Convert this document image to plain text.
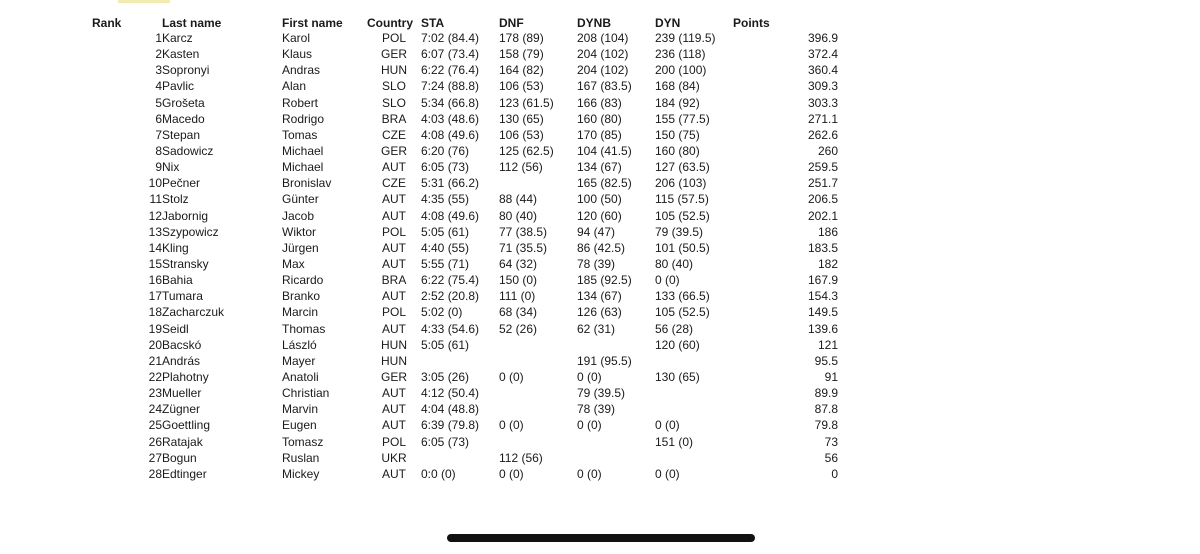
Rank	Last name	First name	Country	STA	DNF	DYNB	DYN	Points
1	Karcz	Karol	POL	7:02 (84.4)	178 (89)	208 (104)	239 (119.5)	396.9
2	Kasten	Klaus	GER	6:07 (73.4)	158 (79)	204 (102)	236 (118)	372.4
3	Sopronyi	Andras	HUN	6:22 (76.4)	164 (82)	204 (102)	200 (100)	360.4
4	Pavlic	Alan	SLO	7:24 (88.8)	106 (53)	167 (83.5)	168 (84)	309.3
5	Grošeta	Robert	SLO	5:34 (66.8)	123 (61.5)	166 (83)	184 (92)	303.3
6	Macedo	Rodrigo	BRA	4:03 (48.6)	130 (65)	160 (80)	155 (77.5)	271.1
7	Stepan	Tomas	CZE	4:08 (49.6)	106 (53)	170 (85)	150 (75)	262.6
8	Sadowicz	Michael	GER	6:20 (76)	125 (62.5)	104 (41.5)	160 (80)	260
9	Nix	Michael	AUT	6:05 (73)	112 (56)	134 (67)	127 (63.5)	259.5
10	Pečner	Bronislav	CZE	5:31 (66.2)		165 (82.5)	206 (103)	251.7
11	Stolz	Günter	AUT	4:35 (55)	88 (44)	100 (50)	115 (57.5)	206.5
12	Jabornig	Jacob	AUT	4:08 (49.6)	80 (40)	120 (60)	105 (52.5)	202.1
13	Szypowicz	Wiktor	POL	5:05 (61)	77 (38.5)	94 (47)	79 (39.5)	186
14	Kling	Jürgen	AUT	4:40 (55)	71 (35.5)	86 (42.5)	101 (50.5)	183.5
15	Stransky	Max	AUT	5:55 (71)	64 (32)	78 (39)	80 (40)	182
16	Bahia	Ricardo	BRA	6:22 (75.4)	150 (0)	185 (92.5)	0 (0)	167.9
17	Tumara	Branko	AUT	2:52 (20.8)	111 (0)	134 (67)	133 (66.5)	154.3
18	Zacharczuk	Marcin	POL	5:02 (0)	68 (34)	126 (63)	105 (52.5)	149.5
19	Seidl	Thomas	AUT	4:33 (54.6)	52 (26)	62 (31)	56 (28)	139.6
20	Bacskó	László	HUN	5:05 (61)			120 (60)	121
21	András	Mayer	HUN			191 (95.5)		95.5
22	Plahotny	Anatoli	GER	3:05 (26)	0 (0)	0 (0)	130 (65)	91
23	Mueller	Christian	AUT	4:12 (50.4)		79 (39.5)		89.9
24	Zügner	Marvin	AUT	4:04 (48.8)		78 (39)		87.8
25	Goettling	Eugen	AUT	6:39 (79.8)	0 (0)	0 (0)	0 (0)	79.8
26	Ratajak	Tomasz	POL	6:05 (73)			151 (0)	73
27	Bogun	Ruslan	UKR		112 (56)			56
28	Edtinger	Mickey	AUT	0:0 (0)	0 (0)	0 (0)	0 (0)	0
